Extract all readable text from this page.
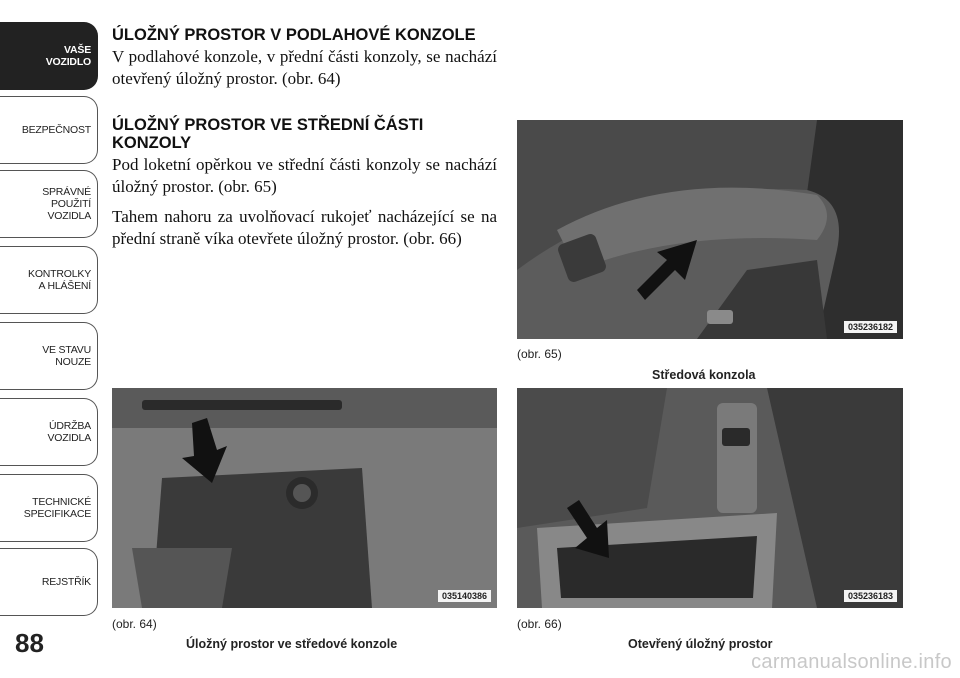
VAŠE
VOZIDLO
BEZPEČNOST
SPRÁVNÉ
POUŽITÍ
VOZIDLA
KONTROLKY
A HLÁŠENÍ
VE STAVU
NOUZE
ÚDRŽBA
VOZIDLA
TECHNICKÉ
SPECIFIKACE
REJSTŘÍK
88
ÚLOŽNÝ PROSTOR V PODLAHOVÉ KONZOLE

V podlahové konzole, v přední části konzoly, se nachází otevřený úložný prostor. (obr. 64)

ÚLOŽNÝ PROSTOR VE STŘEDNÍ ČÁSTI KONZOLY

Pod loketní opěrkou ve střední části konzoly se nachází úložný prostor. (obr. 65)

Tahem nahoru za uvolňovací rukojeť nacházející se na přední straně víka otevřete úložný prostor. (obr. 66)

035236182
(obr. 65)
Středová konzola
035140386
(obr. 64)
Úložný prostor ve středové konzole
035236183
(obr. 66)
Otevřený úložný prostor
carmanualsonline.info
